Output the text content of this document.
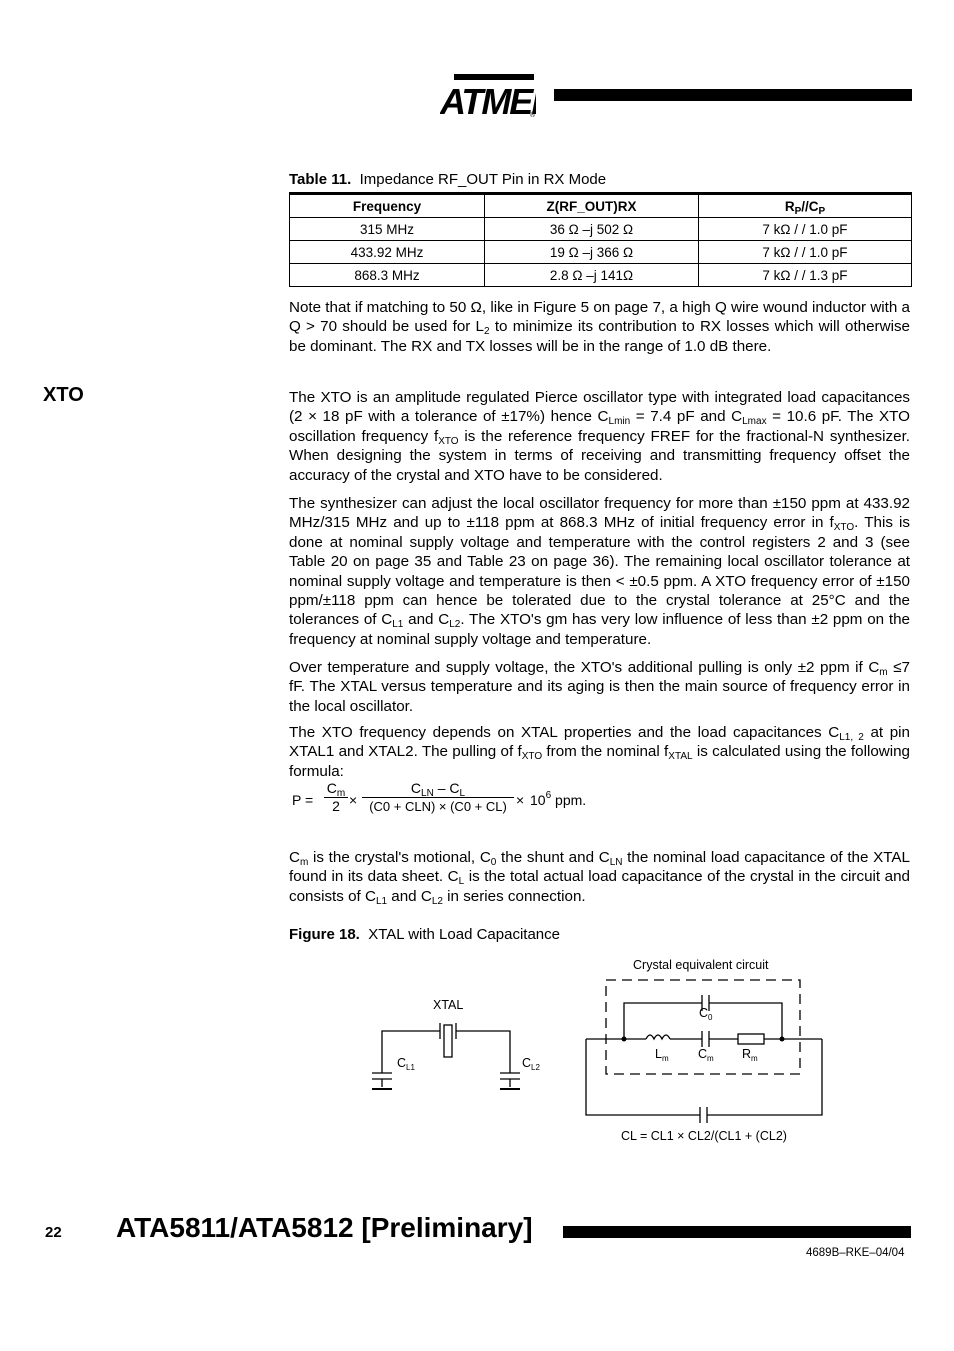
ATME
®
Table 11. Impedance RF_OUT Pin in RX Mode
Frequency	Z(RF_OUT)RX	$R_P//C_P$
315 MHz	36 Ω –j 502 Ω	7 kΩ / / 1.0 pF
433.92 MHz	19 Ω –j 366 Ω	7 kΩ / / 1.0 pF
868.3 MHz	2.8 Ω –j 141Ω	7 kΩ / / 1.3 pF
Note that if matching to 50 Ω, like in Figure 5 on page 7, a high Q wire wound inductor with a Q > 70 should be used for $L_2$ to minimize its contribution to RX losses which will otherwise be dominant. The RX and TX losses will be in the range of 1.0 dB there.
XTO	The XTO is an amplitude regulated Pierce oscillator type with integrated load capacitances (2 × 18 pF with a tolerance of ±17%) hence $C_{Lmin} = 7.4$ pF and $C_{Lmax} = 10.6$ pF. The XTO oscillation frequency $f_{XTO}$ is the reference frequency FREF for the fractional-N synthesizer. When designing the system in terms of receiving and transmitting frequency offset the accuracy of the crystal and XTO have to be considered.
The synthesizer can adjust the local oscillator frequency for more than ±150 ppm at 433.92 MHz/315 MHz and up to ±118 ppm at 868.3 MHz of initial frequency error in $f_{XTO}$. This is done at nominal supply voltage and temperature with the control registers 2 and 3 (see Table 20 on page 35 and Table 23 on page 36). The remaining local oscillator tolerance at nominal supply voltage and temperature is then < ±0.5 ppm. A XTO frequency error of ±150 ppm/±118 ppm can hence be tolerated due to the crystal tolerance at 25°C and the tolerances of $C_{L1}$ and $C_{L2}$. The XTO's gm has very low influence of less than ±2 ppm on the frequency at nominal supply voltage and temperature.
Over temperature and supply voltage, the XTO's additional pulling is only ±2 ppm if $C_m \le 7$ fF. The XTAL versus temperature and its aging is then the main source of frequency error in the local oscillator.
The XTO frequency depends on XTAL properties and the load capacitances $C_{L1, 2}$ at pin XTAL1 and XTAL2. The pulling of $f_{XTO}$ from the nominal $f_{XTAL}$ is calculated using the following formula:
$P = \frac{C_m}{2}$ ×
$C_{LN} - C_L$
$(C0 + CLN) \times (C0 + CL) \times 10^6$ ppm.
$C_m$ is the crystal's motional, $C_0$ the shunt and $C_{LN}$ the nominal load capacitance of the XTAL found in its data sheet. $C_L$ is the total actual load capacitance of the crystal in the circuit and consists of $C_{L1}$ and $C_{L2}$ in series connection.
Figure 18. XTAL with Load Capacitance
XTAL
$C_{L1}$	$C_{L2}$
Crystal equivalent circuit
$C_0$
$L_m$ $C_m$ $R_m$
CL = CL1 × CL2/(CL1 + (CL2)
22 ATA5811/ATA5812 [Preliminary]
4689B–RKE–04/04
